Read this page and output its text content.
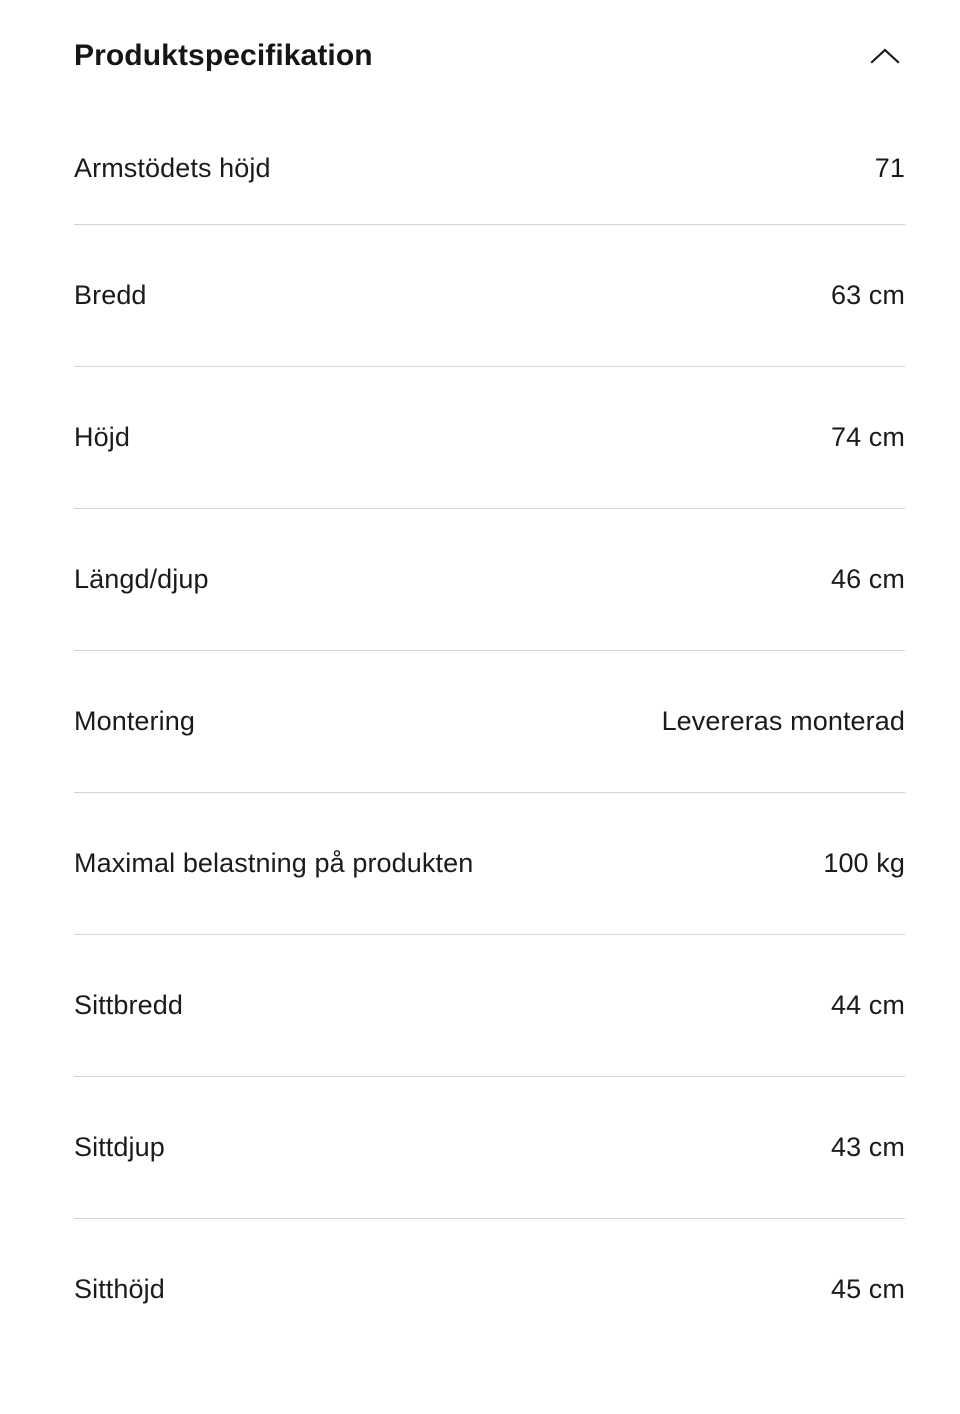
Produktspecifikation
Armstödets höjd	71
Bredd	63 cm
Höjd	74 cm
Längd/djup	46 cm
Montering	Levereras monterad
Maximal belastning på produkten	100 kg
Sittbredd	44 cm
Sittdjup	43 cm
Sitthöjd	45 cm
